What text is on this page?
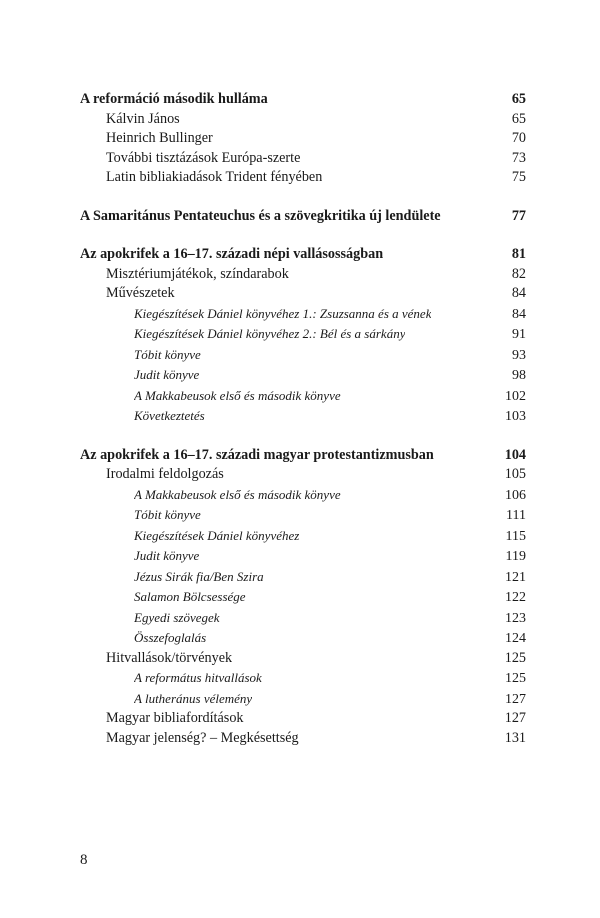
A reformáció második hulláma	65
Kálvin János	65
Heinrich Bullinger	70
További tisztázások Európa-szerte	73
Latin bibliakiadások Trident fényében	75
A Samaritánus Pentateuchus és a szövegkritika új lendülete	77
Az apokrifek a 16–17. századi népi vallásosságban	81
Misztériumjátékok, színdarabok	82
Művészetek	84
Kiegészítések Dániel könyvéhez 1.: Zsuzsanna és a vének	84
Kiegészítések Dániel könyvéhez 2.: Bél és a sárkány	91
Tóbit könyve	93
Judit könyve	98
A Makkabeusok első és második könyve	102
Következtetés	103
Az apokrifek a 16–17. századi magyar protestantizmusban	104
Irodalmi feldolgozás	105
A Makkabeusok első és második könyve	106
Tóbit könyve	111
Kiegészítések Dániel könyvéhez	115
Judit könyve	119
Jézus Sirák fia/Ben Szira	121
Salamon Bölcsessége	122
Egyedi szövegek	123
Összefoglalás	124
Hitvallások/törvények	125
A református hitvallások	125
A lutheránus vélemény	127
Magyar bibliafordítások	127
Magyar jelenség? – Megkésettség	131
8
